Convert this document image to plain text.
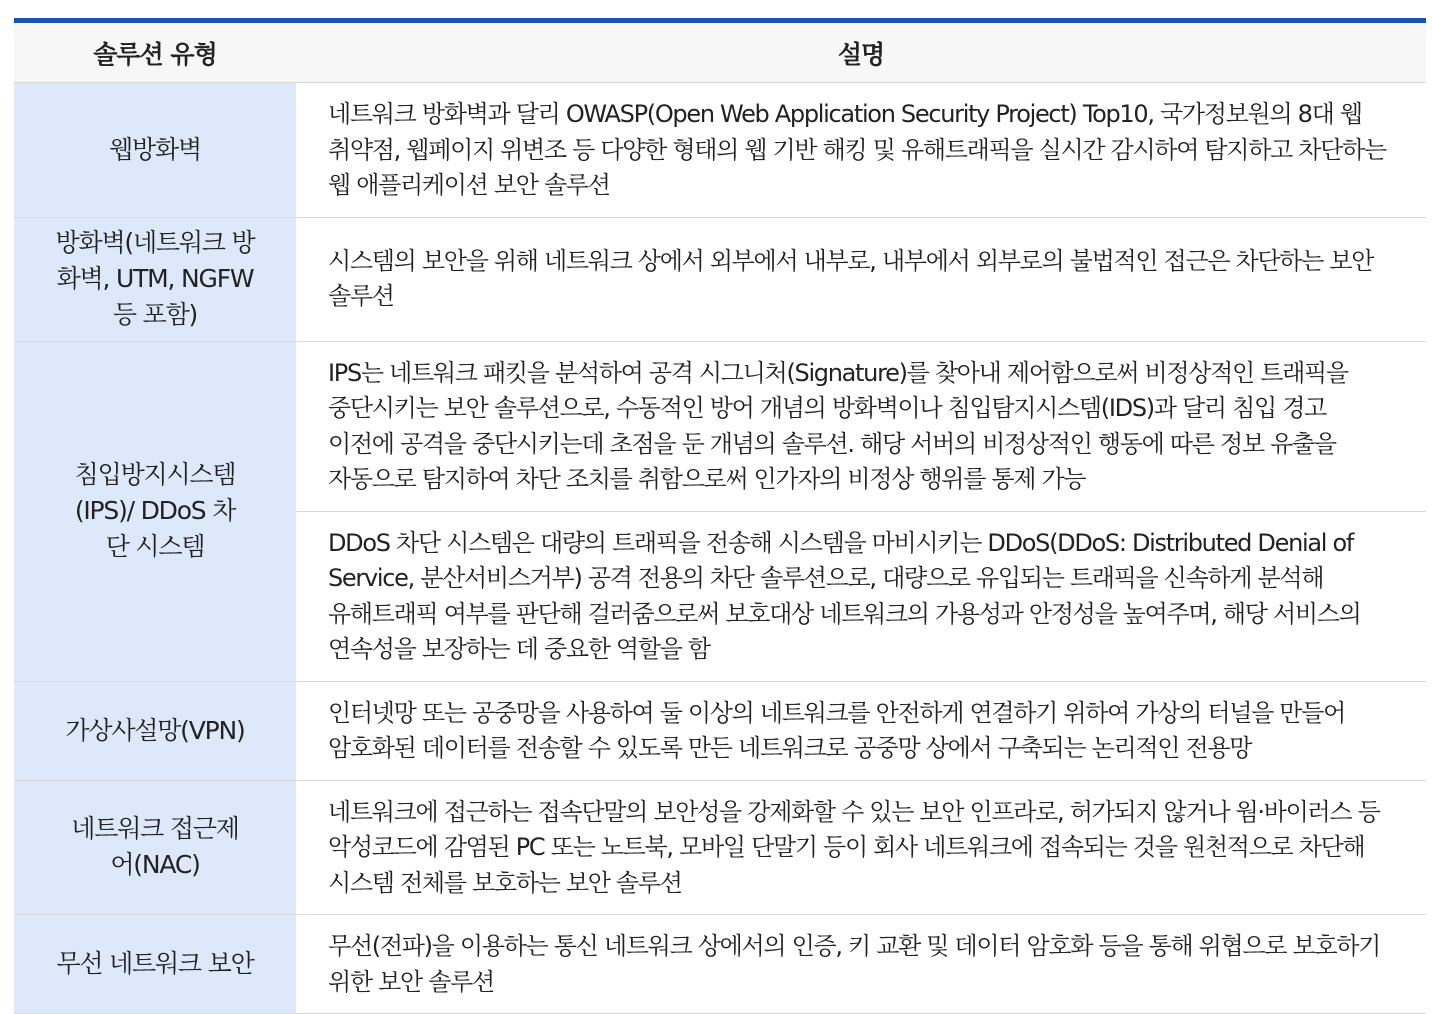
솔루션 유형	설명
웹방화벽	네트워크 방화벽과 달리 OWASP(Open Web Application Security Project) Top10, 국가정보원의 8대 웹 취약점, 웹페이지 위변조 등 다양한 형태의 웹 기반 해킹 및 유해트래픽을 실시간 감시하여 탐지하고 차단하는 웹 애플리케이션 보안 솔루션
방화벽(네트워크 방화벽, UTM, NGFW 등 포함)	시스템의 보안을 위해 네트워크 상에서 외부에서 내부로, 내부에서 외부로의 불법적인 접근은 차단하는 보안 솔루션
침입방지시스템(IPS)/ DDoS 차단 시스템	IPS는 네트워크 패킷을 분석하여 공격 시그니처(Signature)를 찾아내 제어함으로써 비정상적인 트래픽을 중단시키는 보안 솔루션으로, 수동적인 방어 개념의 방화벽이나 침입탐지시스템(IDS)과 달리 침입 경고 이전에 공격을 중단시키는데 초점을 둔 개념의 솔루션. 해당 서버의 비정상적인 행동에 따른 정보 유출을 자동으로 탐지하여 차단 조치를 취함으로써 인가자의 비정상 행위를 통제 가능
	DDoS 차단 시스템은 대량의 트래픽을 전송해 시스템을 마비시키는 DDoS(DDoS: Distributed Denial of Service, 분산서비스거부) 공격 전용의 차단 솔루션으로, 대량으로 유입되는 트래픽을 신속하게 분석해 유해트래픽 여부를 판단해 걸러줌으로써 보호대상 네트워크의 가용성과 안정성을 높여주며, 해당 서비스의 연속성을 보장하는 데 중요한 역할을 함
가상사설망(VPN)	인터넷망 또는 공중망을 사용하여 둘 이상의 네트워크를 안전하게 연결하기 위하여 가상의 터널을 만들어 암호화된 데이터를 전송할 수 있도록 만든 네트워크로 공중망 상에서 구축되는 논리적인 전용망
네트워크 접근제어(NAC)	네트워크에 접근하는 접속단말의 보안성을 강제화할 수 있는 보안 인프라로, 허가되지 않거나 웜·바이러스 등 악성코드에 감염된 PC 또는 노트북, 모바일 단말기 등이 회사 네트워크에 접속되는 것을 원천적으로 차단해 시스템 전체를 보호하는 보안 솔루션
무선 네트워크 보안	무선(전파)을 이용하는 통신 네트워크 상에서의 인증, 키 교환 및 데이터 암호화 등을 통해 위협으로 보호하기 위한 보안 솔루션
